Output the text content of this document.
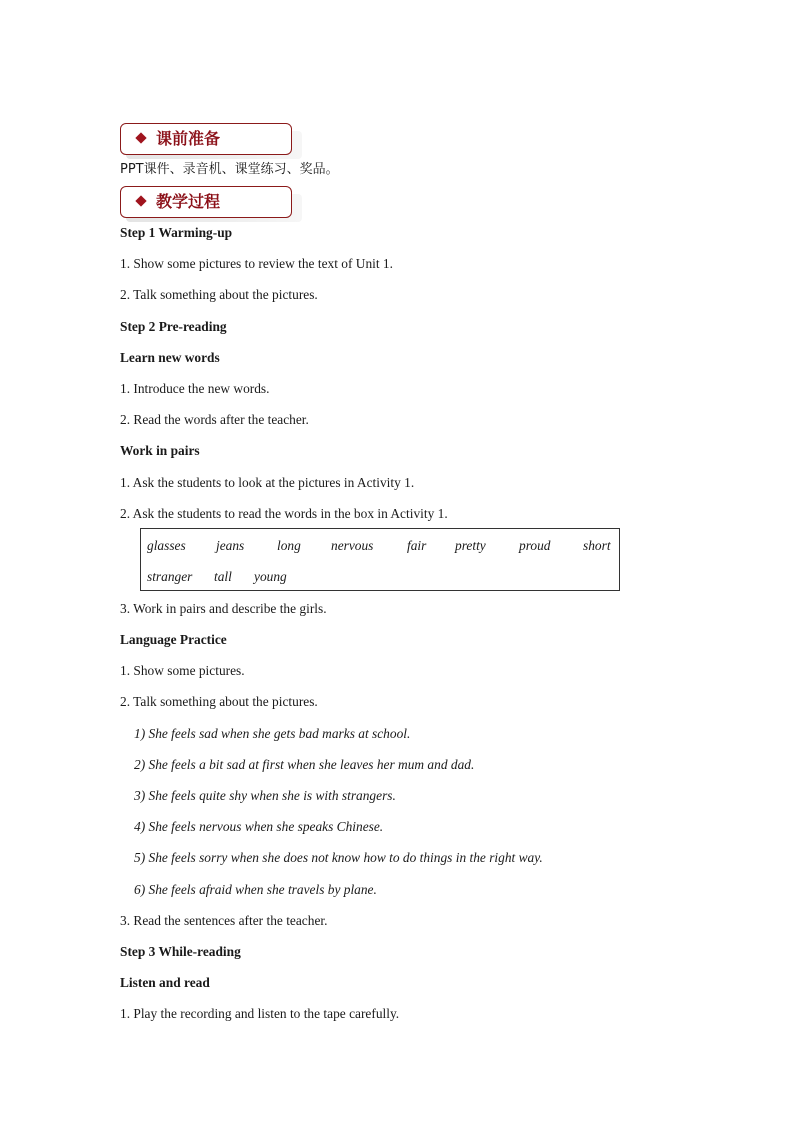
课前准备
PPT课件、录音机、课堂练习、奖品。
教学过程
Step 1 Warming-up
1. Show some pictures to review the text of Unit 1.
2. Talk something about the pictures.
Step 2 Pre-reading
Learn new words
1. Introduce the new words.
2. Read the words after the teacher.
Work in pairs
1. Ask the students to look at the pictures in Activity 1.
2. Ask the students to read the words in the box in Activity 1.
glasses jeans long nervous	fair pretty proud short
stranger tall young
3. Work in pairs and describe the girls.
Language Practice
1. Show some pictures.
2. Talk something about the pictures.
1) She feels sad when she gets bad marks at school.
2) She feels a bit sad at first when she leaves her mum and dad.
3) She feels quite shy when she is with strangers.
4) She feels nervous when she speaks Chinese.
5) She feels sorry when she does not know how to do things in the right way.
6) She feels afraid when she travels by plane.
3. Read the sentences after the teacher.
Step 3 While-reading
Listen and read
1. Play the recording and listen to the tape carefully.
